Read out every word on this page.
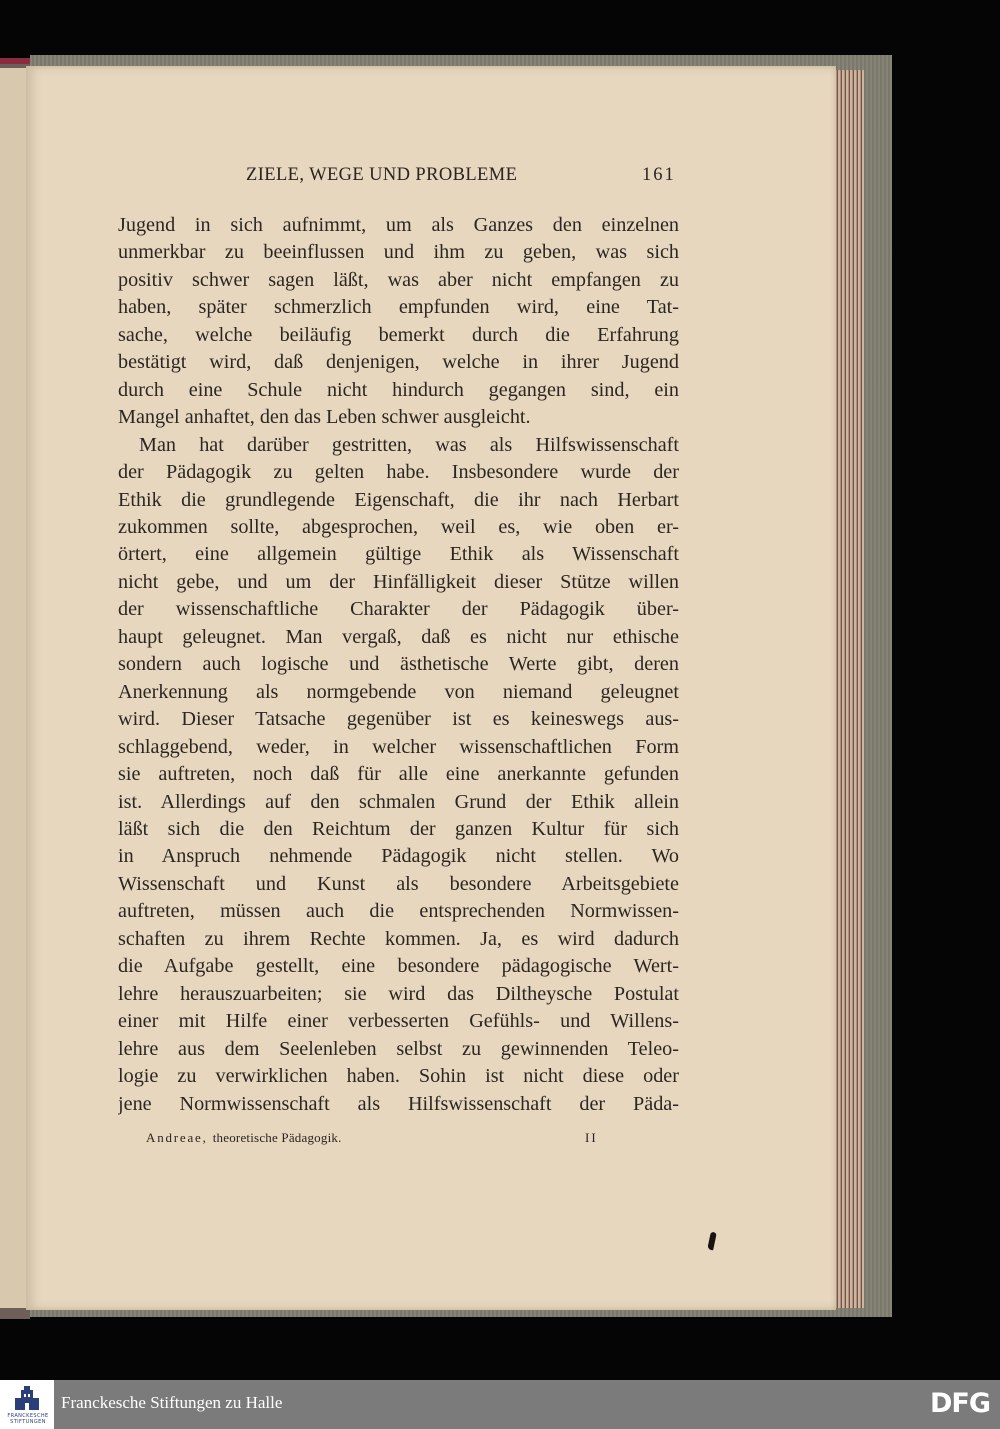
ZIELE, WEGE UND PROBLEME	161
Jugend in sich aufnimmt, um als Ganzes den einzelnen
unmerkbar zu beeinflussen und ihm zu geben, was sich
positiv schwer sagen läßt, was aber nicht empfangen zu
haben, später schmerzlich empfunden wird, eine Tat-
sache, welche beiläufig bemerkt durch die Erfahrung
bestätigt wird, daß denjenigen, welche in ihrer Jugend
durch eine Schule nicht hindurch gegangen sind, ein
Mangel anhaftet, den das Leben schwer ausgleicht.
Man hat darüber gestritten, was als Hilfswissenschaft
der Pädagogik zu gelten habe. Insbesondere wurde der
Ethik die grundlegende Eigenschaft, die ihr nach Herbart
zukommen sollte, abgesprochen, weil es, wie oben er-
örtert, eine allgemein gültige Ethik als Wissenschaft
nicht gebe, und um der Hinfälligkeit dieser Stütze willen
der wissenschaftliche Charakter der Pädagogik über-
haupt geleugnet. Man vergaß, daß es nicht nur ethische
sondern auch logische und ästhetische Werte gibt, deren
Anerkennung als normgebende von niemand geleugnet
wird. Dieser Tatsache gegenüber ist es keineswegs aus-
schlaggebend, weder, in welcher wissenschaftlichen Form
sie auftreten, noch daß für alle eine anerkannte gefunden
ist. Allerdings auf den schmalen Grund der Ethik allein
läßt sich die den Reichtum der ganzen Kultur für sich
in Anspruch nehmende Pädagogik nicht stellen. Wo
Wissenschaft und Kunst als besondere Arbeitsgebiete
auftreten, müssen auch die entsprechenden Normwissen-
schaften zu ihrem Rechte kommen. Ja, es wird dadurch
die Aufgabe gestellt, eine besondere pädagogische Wert-
lehre herauszuarbeiten; sie wird das Diltheysche Postulat
einer mit Hilfe einer verbesserten Gefühls- und Willens-
lehre aus dem Seelenleben selbst zu gewinnenden Teleo-
logie zu verwirklichen haben. Sohin ist nicht diese oder
jene Normwissenschaft als Hilfswissenschaft der Päda-
Andreae, theoretische Pädagogik.	II
FRANCKESCHE
STIFTUNGEN
Franckesche Stiftungen zu Halle	DFG
